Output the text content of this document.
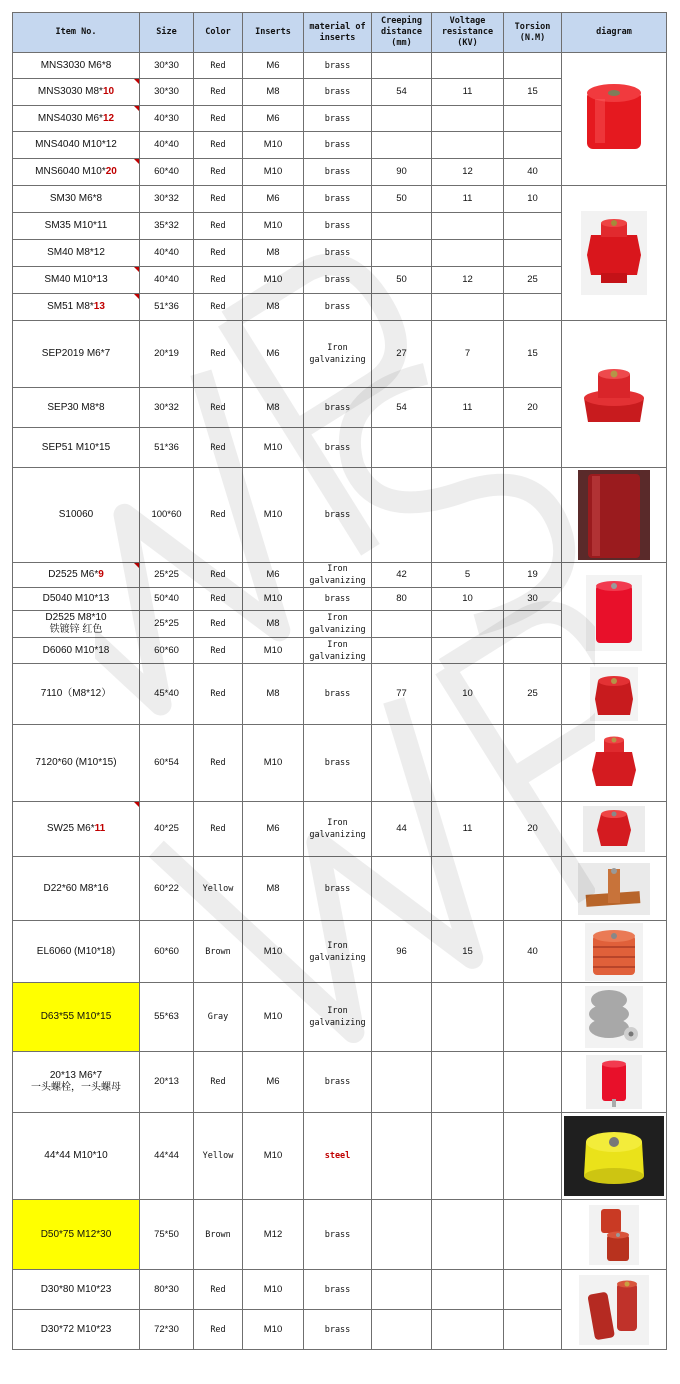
Item No.	Size	Color	Inserts	material of inserts	Creeping distance (mm)	Voltage resistance (KV)	Torsion (N.M)	diagram
MNS3030 M6*8	30*30	Red	M6	brass				

MNS3030 M8*10	30*30	Red	M8	brass	54	11	15	
MNS4030 M6*12	40*30	Red	M6	brass				
MNS4040 M10*12	40*40	Red	M10	brass				
MNS6040 M10*20	60*40	Red	M10	brass	90	12	40	
SM30 M6*8	30*32	Red	M6	brass	50	11	10	

SM35 M10*11	35*32	Red	M10	brass				
SM40 M8*12	40*40	Red	M8	brass				
SM40 M10*13	40*40	Red	M10	brass	50	12	25	
SM51 M8*13	51*36	Red	M8	brass				
SEP2019 M6*7	20*19	Red	M6	Iron galvanizing	27	7	15	

SEP30 M8*8	30*32	Red	M8	brass	54	11	20	
SEP51 M10*15	51*36	Red	M10	brass				
S10060	100*60	Red	M10	brass				

D2525 M6*9	25*25	Red	M6	Iron galvanizing	42	5	19	

D5040 M10*13	50*40	Red	M10	brass	80	10	30	
D2525 M8*10
铁镀锌 红色	25*25	Red	M8	Iron galvanizing				
D6060 M10*18	60*60	Red	M10	Iron galvanizing				
7110（M8*12）	45*40	Red	M8	brass	77	10	25	

7120*60 (M10*15)	60*54	Red	M10	brass				

SW25 M6*11	40*25	Red	M6	Iron galvanizing	44	11	20	

D22*60 M8*16	60*22	Yellow	M8	brass				

EL6060 (M10*18)	60*60	Brown	M10	Iron galvanizing	96	15	40	

D63*55 M10*15	55*63	Gray	M10	Iron galvanizing				

20*13 M6*7
一头螺栓，一头螺母	20*13	Red	M6	brass				

44*44 M10*10	44*44	Yellow	M10	steel				

D50*75 M12*30	75*50	Brown	M12	brass				

D30*80 M10*23	80*30	Red	M10	brass				

D30*72 M10*23	72*30	Red	M10	brass				
